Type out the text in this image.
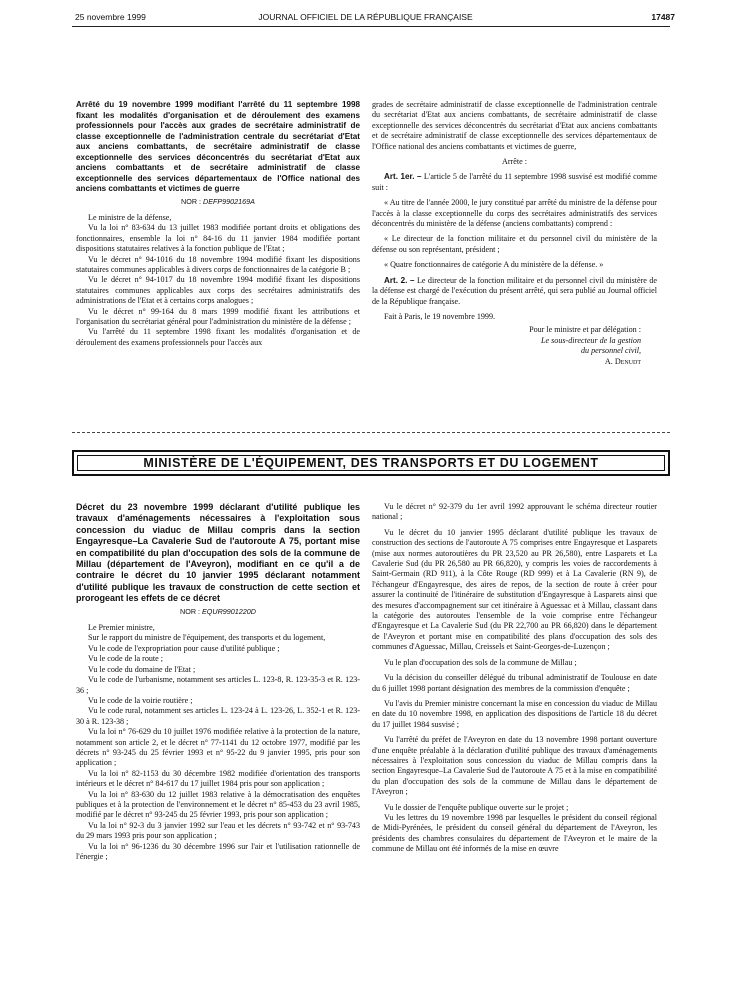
25 novembre 1999	JOURNAL OFFICIEL DE LA RÉPUBLIQUE FRANÇAISE	17487

Arrêté du 19 novembre 1999 modifiant l'arrêté du 11 septembre 1998 fixant les modalités d'organisation et de déroulement des examens professionnels pour l'accès aux grades de secrétaire administratif de classe exceptionnelle de l'administration centrale du secrétariat d'Etat aux anciens combattants, de secrétaire administratif de classe exceptionnelle des services déconcentrés du secrétariat d'Etat aux anciens combattants et de secrétaire administratif de classe exceptionnelle des services départementaux de l'Office national des anciens combattants et victimes de guerre

NOR : DEFP9902169A

Le ministre de la défense,

Vu la loi n° 83-634 du 13 juillet 1983 modifiée portant droits et obligations des fonctionnaires, ensemble la loi n° 84-16 du 11 janvier 1984 modifiée portant dispositions statutaires relatives à la fonction publique de l'Etat ;

Vu le décret n° 94-1016 du 18 novembre 1994 modifié fixant les dispositions statutaires communes applicables à divers corps de fonctionnaires de la catégorie B ;

Vu le décret n° 94-1017 du 18 novembre 1994 modifié fixant les dispositions statutaires communes applicables aux corps des secrétaires administratifs des administrations de l'Etat et à certains corps analogues ;

Vu le décret n° 99-164 du 8 mars 1999 modifié fixant les attributions et l'organisation du secrétariat général pour l'administration du ministère de la défense ;

Vu l'arrêté du 11 septembre 1998 fixant les modalités d'organisation et de déroulement des examens professionnels pour l'accès aux

grades de secrétaire administratif de classe exceptionnelle de l'administration centrale du secrétariat d'Etat aux anciens combattants, de secrétaire administratif de classe exceptionnelle des services déconcentrés du secrétariat d'Etat aux anciens combattants et de secrétaire administratif de classe exceptionnelle des services départementaux de l'Office national des anciens combattants et victimes de guerre,

Arrête :

Art. 1er. – L'article 5 de l'arrêté du 11 septembre 1998 susvisé est modifié comme suit :

« Au titre de l'année 2000, le jury constitué par arrêté du ministre de la défense pour l'accès à la classe exceptionnelle du corps des secrétaires administratifs des services déconcentrés du ministère de la défense (anciens combattants) comprend :

« Le directeur de la fonction militaire et du personnel civil du ministère de la défense ou son représentant, président ;

« Quatre fonctionnaires de catégorie A du ministère de la défense. »

Art. 2. – Le directeur de la fonction militaire et du personnel civil du ministère de la défense est chargé de l'exécution du présent arrêté, qui sera publié au Journal officiel de la République française.

Fait à Paris, le 19 novembre 1999.

Pour le ministre et par délégation :
Le sous-directeur de la gestion
du personnel civil,
A. Denudt
MINISTÈRE DE L'ÉQUIPEMENT, DES TRANSPORTS ET DU LOGEMENT

Décret du 23 novembre 1999 déclarant d'utilité publique les travaux d'aménagements nécessaires à l'exploitation sous concession du viaduc de Millau compris dans la section Engayresque–La Cavalerie Sud de l'autoroute A 75, portant mise en compatibilité du plan d'occupation des sols de la commune de Millau (département de l'Aveyron), modifiant en ce qu'il a de contraire le décret du 10 janvier 1995 déclarant notamment d'utilité publique les travaux de construction de cette section et prorogeant les effets de ce décret

NOR : EQUR9901220D

Le Premier ministre,

Sur le rapport du ministre de l'équipement, des transports et du logement,

Vu le code de l'expropriation pour cause d'utilité publique ;

Vu le code de la route ;

Vu le code du domaine de l'Etat ;

Vu le code de l'urbanisme, notamment ses articles L. 123-8, R. 123-35-3 et R. 123-36 ;

Vu le code de la voirie routière ;

Vu le code rural, notamment ses articles L. 123-24 à L. 123-26, L. 352-1 et R. 123-30 à R. 123-38 ;

Vu la loi n° 76-629 du 10 juillet 1976 modifiée relative à la protection de la nature, notamment son article 2, et le décret n° 77-1141 du 12 octobre 1977, modifié par les décrets n° 93-245 du 25 février 1993 et n° 95-22 du 9 janvier 1995, pris pour son application ;

Vu la loi n° 82-1153 du 30 décembre 1982 modifiée d'orientation des transports intérieurs et le décret n° 84-617 du 17 juillet 1984 pris pour son application ;

Vu la loi n° 83-630 du 12 juillet 1983 relative à la démocratisation des enquêtes publiques et à la protection de l'environnement et le décret n° 85-453 du 23 avril 1985, modifié par le décret n° 93-245 du 25 février 1993, pris pour son application ;

Vu la loi n° 92-3 du 3 janvier 1992 sur l'eau et les décrets n° 93-742 et n° 93-743 du 29 mars 1993 pris pour son application ;

Vu la loi n° 96-1236 du 30 décembre 1996 sur l'air et l'utilisation rationnelle de l'énergie ;

Vu le décret n° 92-379 du 1er avril 1992 approuvant le schéma directeur routier national ;

Vu le décret du 10 janvier 1995 déclarant d'utilité publique les travaux de construction des sections de l'autoroute A 75 comprises entre Engayresque et Lasparets (mise aux normes autoroutières du PR 23,520 au PR 26,580), entre Lasparets et La Cavalerie Sud (du PR 26,580 au PR 66,820), y compris les voies de raccordements à Saint-Germain (RD 911), à la Côte Rouge (RD 999) et à La Cavalerie (RN 9), de l'échangeur d'Engayresque, des aires de repos, de la section de route à créer pour assurer la continuité de l'itinéraire de substitution d'Engayresque à Lasparets ainsi que des mesures d'accompagnement sur cet itinéraire à Aguessac et à Millau, classant dans la catégorie des autoroutes l'ensemble de la voie comprise entre l'échangeur d'Engayresque et La Cavalerie Sud (du PR 22,700 au PR 66,820) dans le département de l'Aveyron et portant mise en compatibilité des plans d'occupation des sols des communes d'Aguessac, Millau, Creissels et Saint-Georges-de-Luzençon ;

Vu le plan d'occupation des sols de la commune de Millau ;

Vu la décision du conseiller délégué du tribunal administratif de Toulouse en date du 6 juillet 1998 portant désignation des membres de la commission d'enquête ;

Vu l'avis du Premier ministre concernant la mise en concession du viaduc de Millau en date du 10 novembre 1998, en application des dispositions de l'article 18 du décret du 17 juillet 1984 susvisé ;

Vu l'arrêté du préfet de l'Aveyron en date du 13 novembre 1998 portant ouverture d'une enquête préalable à la déclaration d'utilité publique des travaux d'aménagements nécessaires à l'exploitation sous concession du viaduc de Millau compris dans la section Engayresque–La Cavalerie Sud de l'autoroute A 75 et à la mise en compatibilité du plan d'occupation des sols de la commune de Millau dans le département de l'Aveyron ;

Vu le dossier de l'enquête publique ouverte sur le projet ;

Vu les lettres du 19 novembre 1998 par lesquelles le président du conseil régional de Midi-Pyrénées, le président du conseil général du département de l'Aveyron, les présidents des chambres consulaires du département de l'Aveyron et le maire de la commune de Millau ont été informés de la mise en œuvre
